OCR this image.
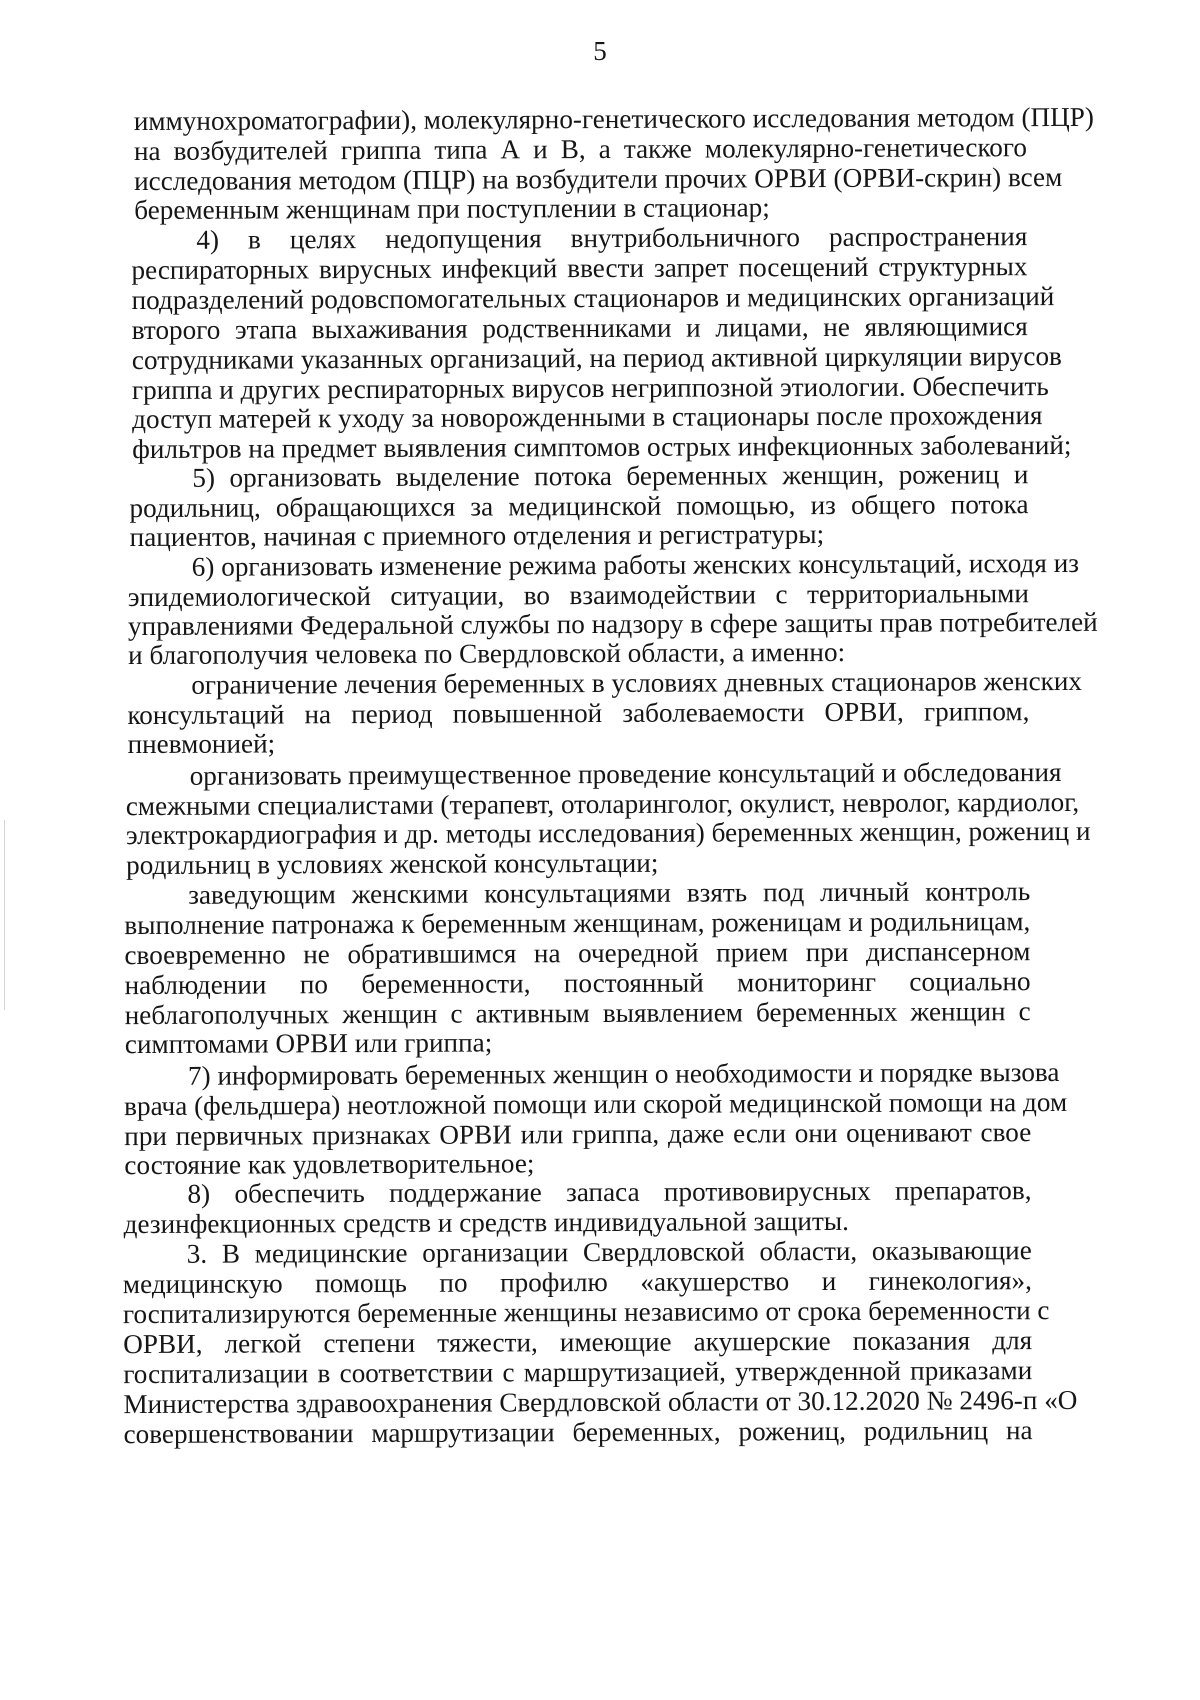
5
иммунохроматографии), молекулярно-генетического исследования методом (ПЦР)
на возбудителей гриппа типа А и В, а также молекулярно-генетического
исследования методом (ПЦР) на возбудители прочих ОРВИ (ОРВИ-скрин) всем
беременным женщинам при поступлении в стационар;
4) в целях недопущения внутрибольничного распространения
респираторных вирусных инфекций ввести запрет посещений структурных
подразделений родовспомогательных стационаров и медицинских организаций
второго этапа выхаживания родственниками и лицами, не являющимися
сотрудниками указанных организаций, на период активной циркуляции вирусов
гриппа и других респираторных вирусов негриппозной этиологии. Обеспечить
доступ матерей к уходу за новорожденными в стационары после прохождения
фильтров на предмет выявления симптомов острых инфекционных заболеваний;
5) организовать выделение потока беременных женщин, рожениц и
родильниц, обращающихся за медицинской помощью, из общего потока
пациентов, начиная с приемного отделения и регистратуры;
6) организовать изменение режима работы женских консультаций, исходя из
эпидемиологической ситуации, во взаимодействии с территориальными
управлениями Федеральной службы по надзору в сфере защиты прав потребителей
и благополучия человека по Свердловской области, а именно:
ограничение лечения беременных в условиях дневных стационаров женских
консультаций на период повышенной заболеваемости ОРВИ, гриппом,
пневмонией;
организовать преимущественное проведение консультаций и обследования
смежными специалистами (терапевт, отоларинголог, окулист, невролог, кардиолог,
электрокардиография и др. методы исследования) беременных женщин, рожениц и
родильниц в условиях женской консультации;
заведующим женскими консультациями взять под личный контроль
выполнение патронажа к беременным женщинам, роженицам и родильницам,
своевременно не обратившимся на очередной прием при диспансерном
наблюдении по беременности, постоянный мониторинг социально
неблагополучных женщин с активным выявлением беременных женщин с
симптомами ОРВИ или гриппа;
7) информировать беременных женщин о необходимости и порядке вызова
врача (фельдшера) неотложной помощи или скорой медицинской помощи на дом
при первичных признаках ОРВИ или гриппа, даже если они оценивают свое
состояние как удовлетворительное;
8) обеспечить поддержание запаса противовирусных препаратов,
дезинфекционных средств и средств индивидуальной защиты.
3. В медицинские организации Свердловской области, оказывающие
медицинскую помощь по профилю «акушерство и гинекология»,
госпитализируются беременные женщины независимо от срока беременности с
ОРВИ, легкой степени тяжести, имеющие акушерские показания для
госпитализации в соответствии с маршрутизацией, утвержденной приказами
Министерства здравоохранения Свердловской области от 30.12.2020 № 2496-п «О
совершенствовании маршрутизации беременных, рожениц, родильниц на
